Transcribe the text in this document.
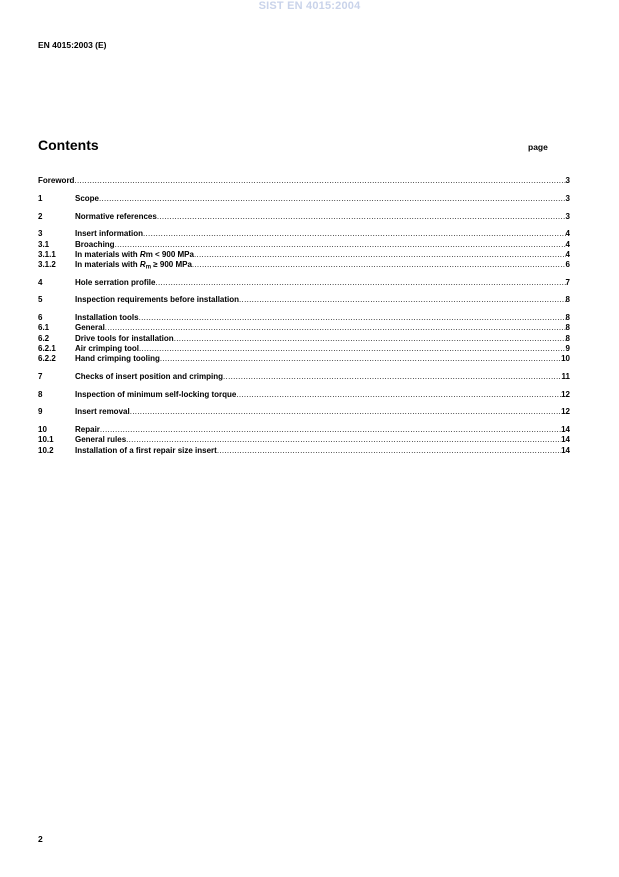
SIST EN 4015:2004
EN 4015:2003 (E)
Contents	page
Foreword .....	3
1	Scope .....	3
2	Normative references .....	3
3	Insert information .....	4
3.1	Broaching .....	4
3.1.1	In materials with Rm < 900 MPa .....	4
3.1.2	In materials with $R_m \ge 900$ MPa .....	6
4	Hole serration profile .....	7
5	Inspection requirements before installation .....	8
6	Installation tools .....	8
6.1	General .....	8
6.2	Drive tools for installation .....	8
6.2.1	Air crimping tool .....	9
6.2.2	Hand crimping tooling .....	10
7	Checks of insert position and crimping .....	11
8	Inspection of minimum self-locking torque .....	12
9	Insert removal .....	12
10	Repair .....	14
10.1	General rules .....	14
10.2	Installation of a first repair size insert .....	14
2
